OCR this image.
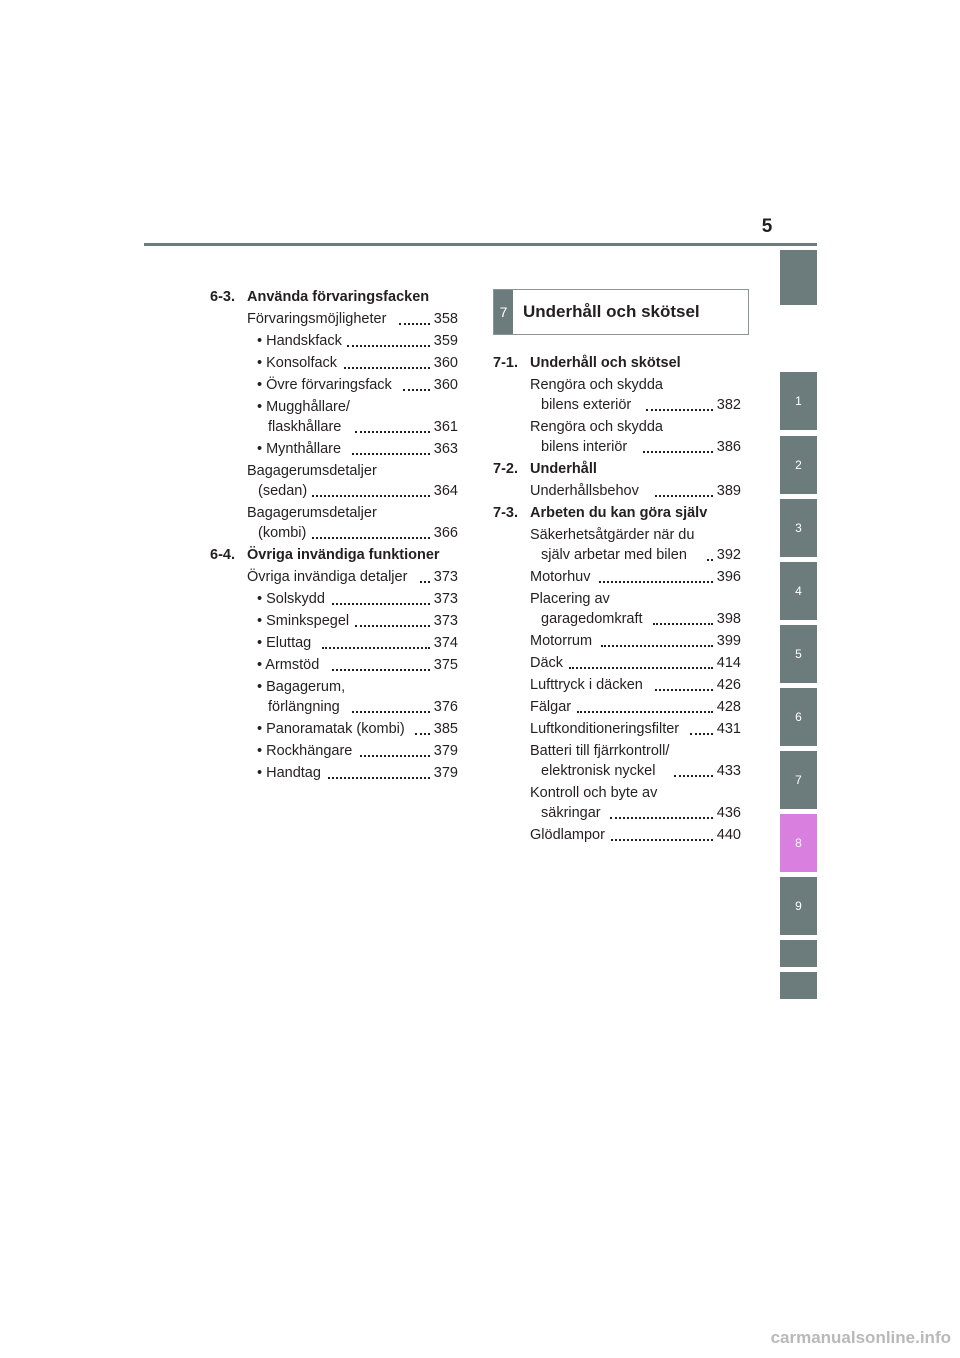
5
1
2
3
4
5
6
7
8
9
6-3. Använda förvaringsfacken
Förvaringsmöjligheter	358
• Handskfack	359
• Konsolfack	360
• Övre förvaringsfack	360
• Mugghållare/
flaskhållare	361
• Mynthållare	363
Bagagerumsdetaljer
(sedan)	364
Bagagerumsdetaljer
(kombi)	366
6-4. Övriga invändiga funktioner
Övriga invändiga detaljer	373
• Solskydd	373
• Sminkspegel	373
• Eluttag	374
• Armstöd	375
• Bagagerum,
förlängning	376
• Panoramatak (kombi)	385
• Rockhängare	379
• Handtag	379
7 Underhåll och skötsel
7-1. Underhåll och skötsel
Rengöra och skydda
bilens exteriör	382
Rengöra och skydda
bilens interiör	386
7-2. Underhåll
Underhållsbehov	389
7-3. Arbeten du kan göra själv
Säkerhetsåtgärder när du
själv arbetar med bilen	392
Motorhuv	396
Placering av
garagedomkraft	398
Motorrum	399
Däck	414
Lufttryck i däcken	426
Fälgar	428
Luftkonditioneringsfilter	431
Batteri till fjärrkontroll/
elektronisk nyckel	433
Kontroll och byte av
säkringar	436
Glödlampor	440
carmanualsonline.info
